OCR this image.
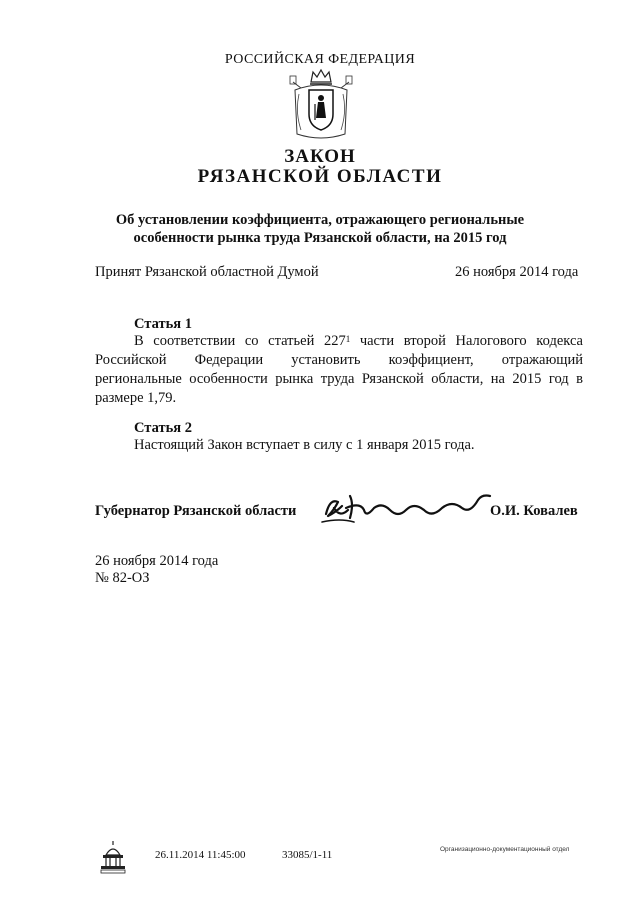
РОССИЙСКАЯ ФЕДЕРАЦИЯ
ЗАКОН
РЯЗАНСКОЙ ОБЛАСТИ
Об установлении коэффициента, отражающего региональные
особенности рынка труда Рязанской области, на 2015 год
Принят Рязанской областной Думой	26 ноября 2014 года
Статья 1
В соответствии со статьей $227^1$ части второй Налогового кодекса
Российской Федерации установить коэффициент, отражающий
региональные особенности рынка труда Рязанской области, на 2015 год в
размере 1,79.
Статья 2
Настоящий Закон вступает в силу с 1 января 2015 года.
Губернатор Рязанской области	О.И. Ковалев
26 ноября 2014 года
№ 82-ОЗ
26.11.2014 11:45:00	33085/1-11	Организационно-документационный отдел
